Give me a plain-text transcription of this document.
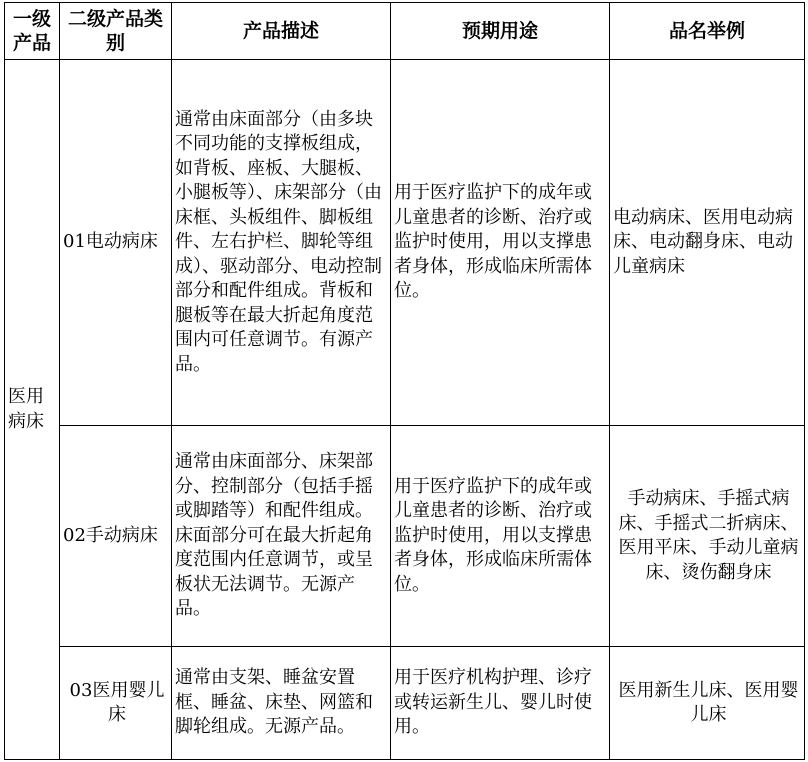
一级产品	二级产品类别	产品描述	预期用途	品名举例
医用病床	01电动病床	通常由床面部分（由多块不同功能的支撑板组成，如背板、座板、大腿板、小腿板等）、床架部分（由床框、头板组件、脚板组件、左右护栏、脚轮等组成）、驱动部分、电动控制部分和配件组成。背板和腿板等在最大折起角度范围内可任意调节。有源产品。	用于医疗监护下的成年或儿童患者的诊断、治疗或监护时使用，用以支撑患者身体，形成临床所需体位。	电动病床、医用电动病床、电动翻身床、电动儿童病床
	02手动病床	通常由床面部分、床架部分、控制部分（包括手摇或脚踏等）和配件组成。床面部分可在最大折起角度范围内任意调节，或呈板状无法调节。无源产品。	用于医疗监护下的成年或儿童患者的诊断、治疗或监护时使用，用以支撑患者身体，形成临床所需体位。	手动病床、手摇式病床、手摇式二折病床、医用平床、手动儿童病床、烫伤翻身床
	03医用婴儿床	通常由支架、睡盆安置框、睡盆、床垫、网篮和脚轮组成。无源产品。	用于医疗机构护理、诊疗或转运新生儿、婴儿时使用。	医用新生儿床、医用婴儿床
